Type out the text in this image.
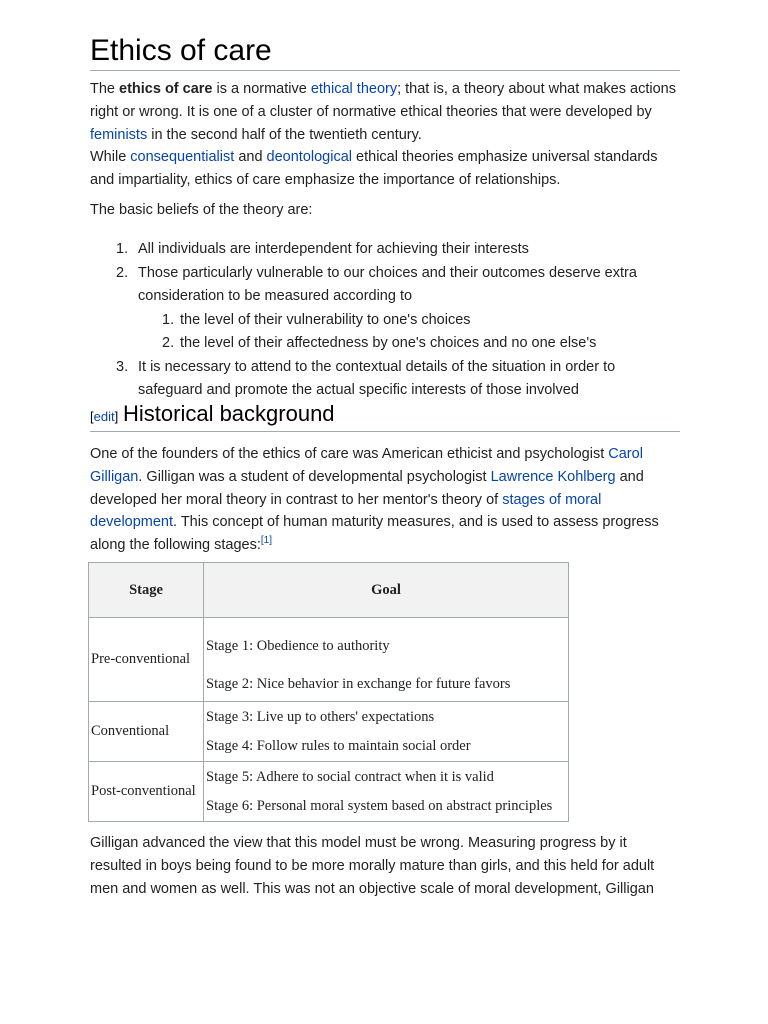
Ethics of care
The ethics of care is a normative ethical theory; that is, a theory about what makes actions right or wrong. It is one of a cluster of normative ethical theories that were developed by feminists in the second half of the twentieth century.
While consequentialist and deontological ethical theories emphasize universal standards and impartiality, ethics of care emphasize the importance of relationships.
The basic beliefs of the theory are:
1. All individuals are interdependent for achieving their interests
2. Those particularly vulnerable to our choices and their outcomes deserve extra consideration to be measured according to
1. the level of their vulnerability to one's choices
2. the level of their affectedness by one's choices and no one else's
3. It is necessary to attend to the contextual details of the situation in order to safeguard and promote the actual specific interests of those involved
[edit] Historical background
One of the founders of the ethics of care was American ethicist and psychologist Carol Gilligan. Gilligan was a student of developmental psychologist Lawrence Kohlberg and developed her moral theory in contrast to her mentor's theory of stages of moral development. This concept of human maturity measures, and is used to assess progress along the following stages:[1]
Gilligan advanced the view that this model must be wrong. Measuring progress by it resulted in boys being found to be more morally mature than girls, and this held for adult men and women as well. This was not an objective scale of moral development, Gilligan
Stage	Goal
Pre-conventional	Stage 1: Obedience to authority
Stage 2: Nice behavior in exchange for future favors

Conventional	Stage 3: Live up to others' expectations
Stage 4: Follow rules to maintain social order

Post-conventional	Stage 5: Adhere to social contract when it is valid
Stage 6: Personal moral system based on abstract principles
